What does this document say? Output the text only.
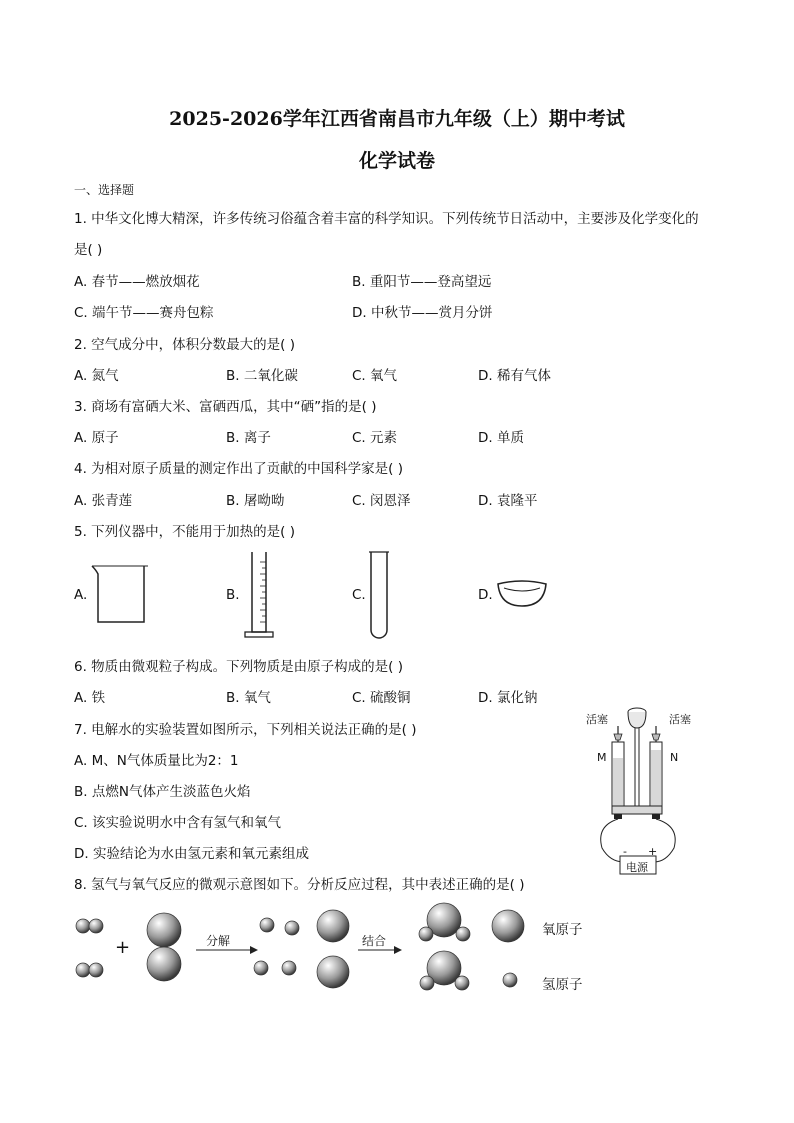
2025-2026学年江西省南昌市九年级（上）期中考试
化学试卷
一、选择题
1. 中华文化博大精深，许多传统习俗蕴含着丰富的科学知识。下列传统节日活动中，主要涉及化学变化的
是( )
A. 春节——燃放烟花	B. 重阳节——登高望远
C. 端午节——赛舟包粽	D. 中秋节——赏月分饼
2. 空气成分中，体积分数最大的是( )
A. 氮气	B. 二氧化碳	C. 氧气	D. 稀有气体
3. 商场有富硒大米、富硒西瓜，其中“硒”指的是( )
A. 原子	B. 离子	C. 元素	D. 单质
4. 为相对原子质量的测定作出了贡献的中国科学家是( )
A. 张青莲	B. 屠呦呦	C. 闵恩泽	D. 袁隆平
5. 下列仪器中，不能用于加热的是( )
A.	B.	C.	D.
6. 物质由微观粒子构成。下列物质是由原子构成的是( )
A. 铁	B. 氧气	C. 硫酸铜	D. 氯化钠
7. 电解水的实验装置如图所示，下列相关说法正确的是( )
A. M、N气体质量比为2：1
B. 点燃N气体产生淡蓝色火焰
C. 该实验说明水中含有氢气和氧气
D. 实验结论为水由氢元素和氧元素组成
活塞	活塞
M	N
- +
电源
8. 氢气与氧气反应的微观示意图如下。分析反应过程，其中表述正确的是( )
+	分解	结合
氧原子
氢原子
